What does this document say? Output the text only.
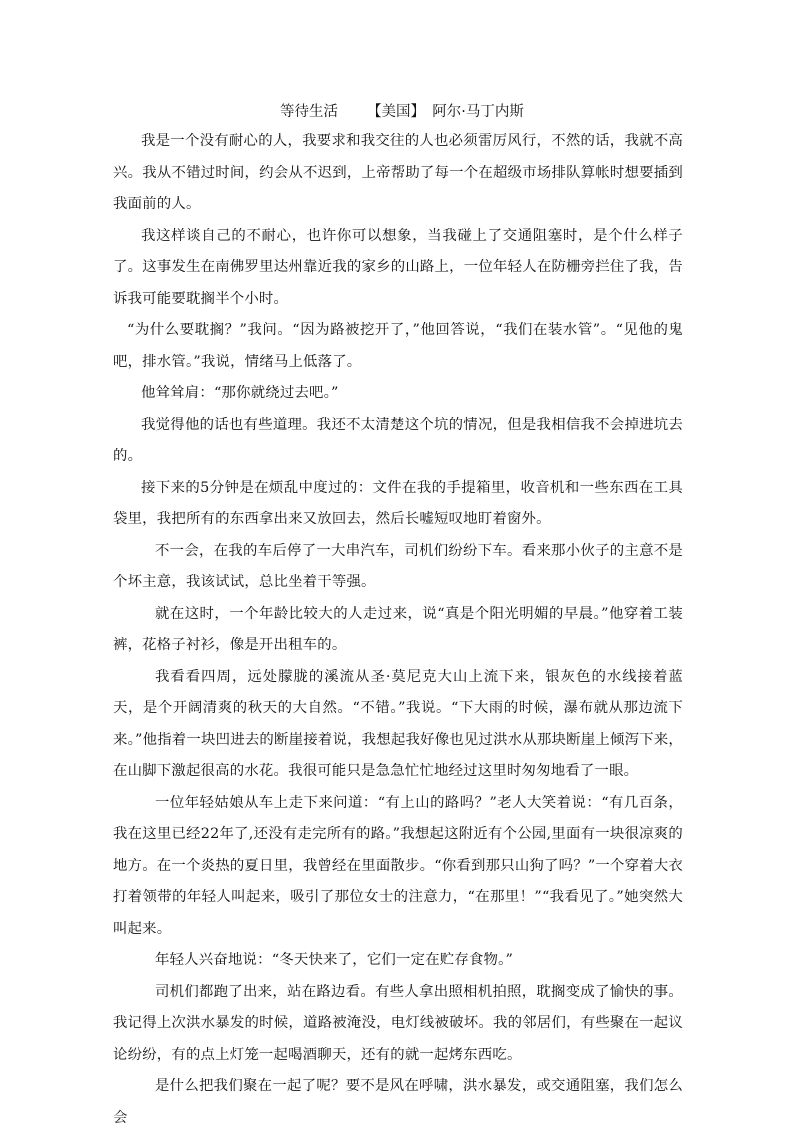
等待生活   【美国】  阿尔·马丁内斯

我是一个没有耐心的人，我要求和我交往的人也必须雷厉风行，不然的话，我就不高兴。我从不错过时间，约会从不迟到，上帝帮助了每一个在超级市场排队算帐时想要插到我面前的人。

我这样谈自己的不耐心，也许你可以想象，当我碰上了交通阻塞时，是个什么样子了。这事发生在南佛罗里达州靠近我的家乡的山路上，一位年轻人在防栅旁拦住了我，告诉我可能要耽搁半个小时。

“为什么要耽搁？”我问。“因为路被挖开了，”他回答说，“我们在装水管”。“见他的鬼吧，排水管。”我说，情绪马上低落了。

他耸耸肩：“那你就绕过去吧。”

我觉得他的话也有些道理。我还不太清楚这个坑的情况，但是我相信我不会掉进坑去的。

接下来的5分钟是在烦乱中度过的：文件在我的手提箱里，收音机和一些东西在工具袋里，我把所有的东西拿出来又放回去，然后长嘘短叹地盯着窗外。

不一会，在我的车后停了一大串汽车，司机们纷纷下车。看来那小伙子的主意不是个坏主意，我该试试，总比坐着干等强。

就在这时，一个年龄比较大的人走过来，说“真是个阳光明媚的早晨。”他穿着工装裤，花格子衬衫，像是开出租车的。

我看看四周，远处朦胧的溪流从圣·莫尼克大山上流下来，银灰色的水线接着蓝天，是个开阔清爽的秋天的大自然。“不错。”我说。“下大雨的时候，瀑布就从那边流下来。”他指着一块凹进去的断崖接着说，我想起我好像也见过洪水从那块断崖上倾泻下来，在山脚下激起很高的水花。我很可能只是急急忙忙地经过这里时匆匆地看了一眼。

一位年轻姑娘从车上走下来问道：“有上山的路吗？”老人大笑着说：“有几百条，我在这里已经22年了,还没有走完所有的路。”我想起这附近有个公园,里面有一块很凉爽的地方。在一个炎热的夏日里，我曾经在里面散步。“你看到那只山狗了吗？”一个穿着大衣打着领带的年轻人叫起来，吸引了那位女士的注意力，“在那里！”“我看见了。”她突然大叫起来。

年轻人兴奋地说：“冬天快来了，它们一定在贮存食物。”

司机们都跑了出来，站在路边看。有些人拿出照相机拍照，耽搁变成了愉快的事。我记得上次洪水暴发的时候，道路被淹没，电灯线被破坏。我的邻居们，有些聚在一起议论纷纷，有的点上灯笼一起喝酒聊天，还有的就一起烤东西吃。

是什么把我们聚在一起了呢？要不是风在呼啸，洪水暴发，或交通阻塞，我们怎么会
